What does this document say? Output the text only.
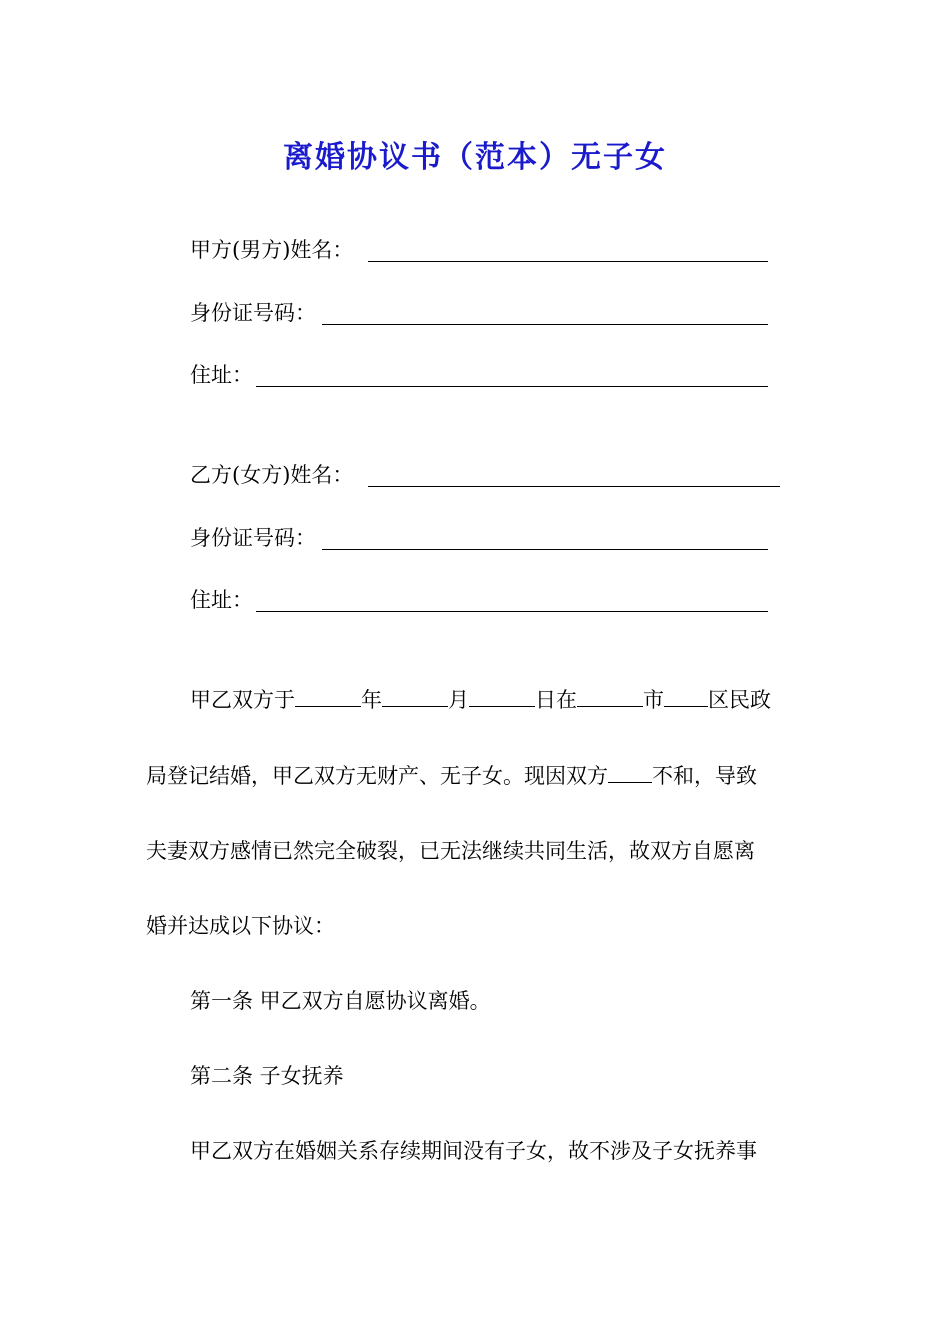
离婚协议书（范本）无子女
甲方(男方)姓名：
身份证号码：
住址：
乙方(女方)姓名：
身份证号码：
住址：
甲乙双方于	年	月	日在	市 区民政
局登记结婚，甲乙双方无财产、无子女。现因双方 不和，导致
夫妻双方感情已然完全破裂，已无法继续共同生活，故双方自愿离
婚并达成以下协议：
第一条 甲乙双方自愿协议离婚。
第二条 子女抚养
甲乙双方在婚姻关系存续期间没有子女，故不涉及子女抚养事
